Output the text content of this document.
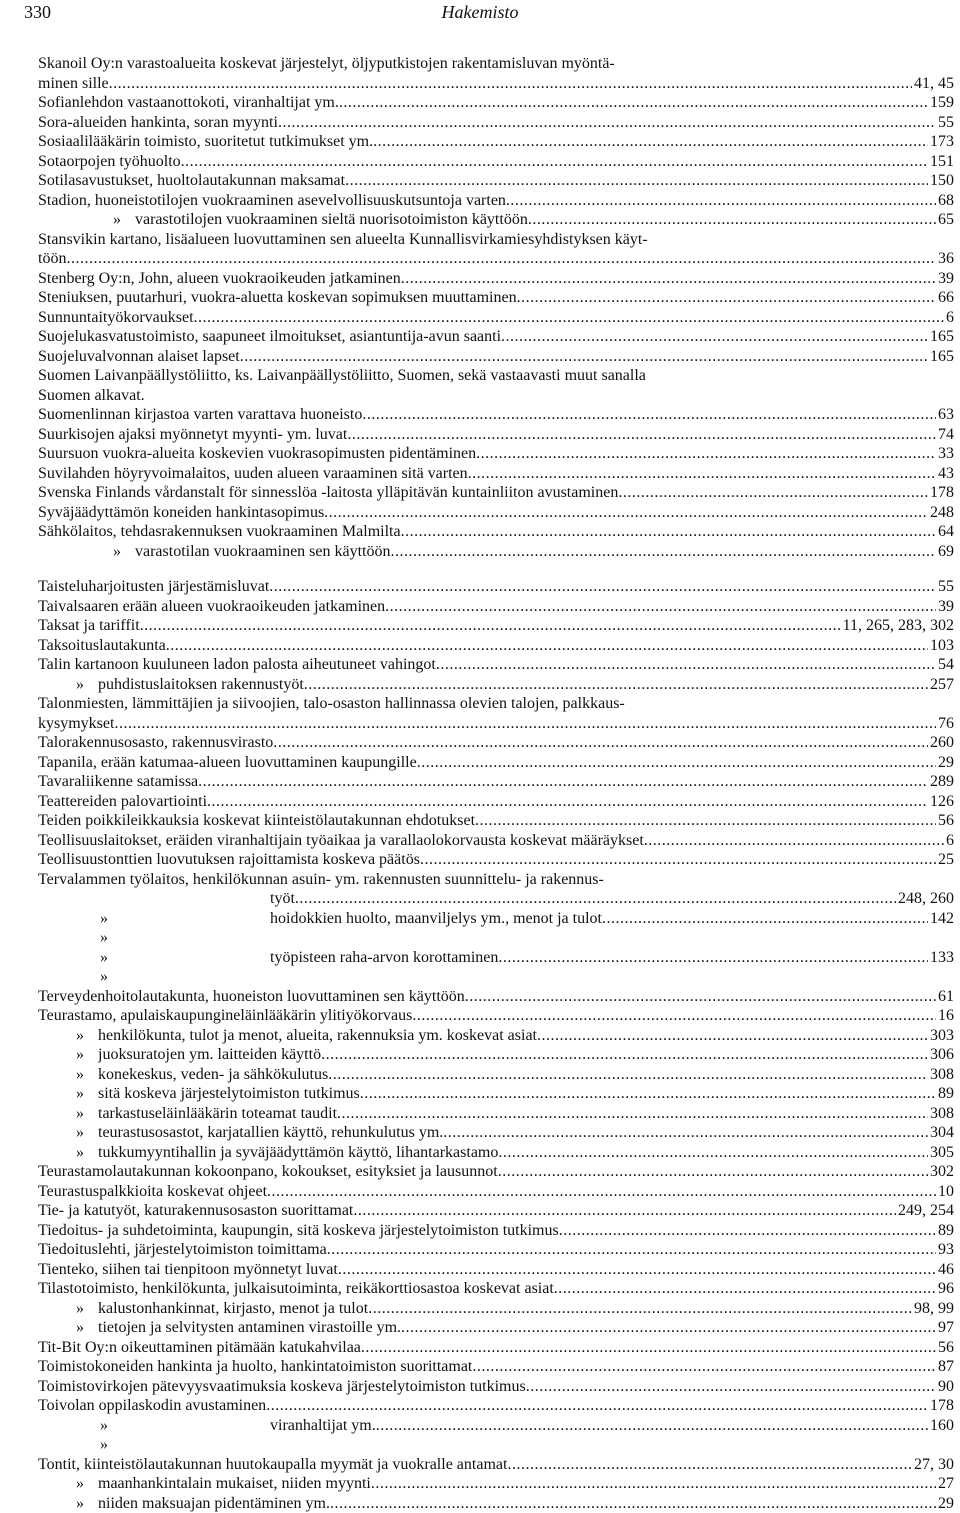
330	Hakemisto
Skanoil Oy:n varastoalueita koskevat järjestelyt, öljyputkistojen rakentamisluvan myöntä-
minen sille .....	41, 45
Sofianlehdon vastaanottokoti, viranhaltijat ym. .....	159
Sora-alueiden hankinta, soran myynti .....	55
Sosiaalilääkärin toimisto, suoritetut tutkimukset ym. .....	173
Sotaorpojen työhuolto .....	151
Sotilasavustukset, huoltolautakunnan maksamat .....	150
Stadion, huoneistotilojen vuokraaminen asevelvollisuuskutsuntoja varten .....	68
» varastotilojen vuokraaminen sieltä nuorisotoimiston käyttöön .....	65
Stansvikin kartano, lisäalueen luovuttaminen sen alueelta Kunnallisvirkamiesyhdistyksen käyt-
töön .....	36
Stenberg Oy:n, John, alueen vuokraoikeuden jatkaminen .....	39
Steniuksen, puutarhuri, vuokra-aluetta koskevan sopimuksen muuttaminen .....	66
Sunnuntaityökorvaukset .....	6
Suojelukasvatustoimisto, saapuneet ilmoitukset, asiantuntija-avun saanti .....	165
Suojeluvalvonnan alaiset lapset .....	165
Suomen Laivanpäällystöliitto, ks. Laivanpäällystöliitto, Suomen, sekä vastaavasti muut sanalla
Suomen alkavat.
Suomenlinnan kirjastoa varten varattava huoneisto .....	63
Suurkisojen ajaksi myönnetyt myynti- ym. luvat .....	74
Suursuon vuokra-alueita koskevien vuokrasopimusten pidentäminen .....	33
Suvilahden höyryvoimalaitos, uuden alueen varaaminen sitä varten .....	43
Svenska Finlands vårdanstalt för sinnesslöa -laitosta ylläpitävän kuntainliiton avustaminen .....	178
Syväjäädyttämön koneiden hankintasopimus .....	248
Sähkölaitos, tehdasrakennuksen vuokraaminen Malmilta .....	64
» varastotilan vuokraaminen sen käyttöön .....	69
Taisteluharjoitusten järjestämisluvat .....	55
Taivalsaaren erään alueen vuokraoikeuden jatkaminen .....	39
Taksat ja tariffit .....	11, 265, 283, 302
Taksoituslautakunta .....	103
Talin kartanoon kuuluneen ladon palosta aiheutuneet vahingot .....	54
» puhdistuslaitoksen rakennustyöt .....	257
Talonmiesten, lämmittäjien ja siivoojien, talo-osaston hallinnassa olevien talojen, palkkaus-
kysymykset .....	76
Talorakennusosasto, rakennusvirasto .....	260
Tapanila, erään katumaa-alueen luovuttaminen kaupungille .....	29
Tavaraliikenne satamissa .....	289
Teattereiden palovartiointi .....	126
Teiden poikkileikkauksia koskevat kiinteistölautakunnan ehdotukset .....	56
Teollisuuslaitokset, eräiden viranhaltijain työaikaa ja varallaolokorvausta koskevat määräykset .....	6
Teollisuustonttien luovutuksen rajoittamista koskeva päätös .....	25
Tervalammen työlaitos, henkilökunnan asuin- ym. rakennusten suunnittelu- ja rakennus-
työt .....	248, 260
» »
hoidokkien huolto, maanviljelys ym., menot ja tulot .....	142
» »
työpisteen raha-arvon korottaminen .....	133
Terveydenhoitolautakunta, huoneiston luovuttaminen sen käyttöön .....	61
Teurastamo, apulaiskaupungineläinlääkärin ylitiyökorvaus .....	16
» henkilökunta, tulot ja menot, alueita, rakennuksia ym. koskevat asiat .....	303
» juoksuratojen ym. laitteiden käyttö .....	306
» konekeskus, veden- ja sähkökulutus .....	308
» sitä koskeva järjestelytoimiston tutkimus .....	89
» tarkastuseläinlääkärin toteamat taudit .....	308
» teurastusosastot, karjatallien käyttö, rehunkulutus ym. .....	304
» tukkumyyntihallin ja syväjäädyttämön käyttö, lihantarkastamo .....	305
Teurastamolautakunnan kokoonpano, kokoukset, esityksiet ja lausunnot .....	302
Teurastuspalkkioita koskevat ohjeet .....	10
Tie- ja katutyöt, katurakennusosaston suorittamat .....	249, 254
Tiedoitus- ja suhdetoiminta, kaupungin, sitä koskeva järjestelytoimiston tutkimus .....	89
Tiedoituslehti, järjestelytoimiston toimittama .....	93
Tienteko, siihen tai tienpitoon myönnetyt luvat .....	46
Tilastotoimisto, henkilökunta, julkaisutoiminta, reikäkorttiosastoa koskevat asiat .....	96
» kalustonhankinnat, kirjasto, menot ja tulot .....	98, 99
» tietojen ja selvitysten antaminen virastoille ym. .....	97
Tit-Bit Oy:n oikeuttaminen pitämään katukahvilaa .....	56
Toimistokoneiden hankinta ja huolto, hankintatoimiston suorittamat .....	87
Toimistovirkojen pätevyysvaatimuksia koskeva järjestelytoimiston tutkimus .....	90
Toivolan oppilaskodin avustaminen .....	178
» »
viranhaltijat ym. .....	160
Tontit, kiinteistölautakunnan huutokaupalla myymät ja vuokralle antamat .....	27, 30
» maanhankintalain mukaiset, niiden myynti .....	27
» niiden maksuajan pidentäminen ym. .....	29
